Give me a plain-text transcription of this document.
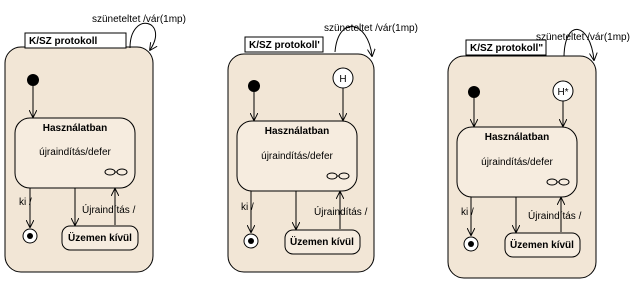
K/SZ protokoll
szüneteltet /vár(1mp)
Használatban
újraindítás/defer
ki /
Újraindítás /
Üzemen kívül
K/SZ protokoll'
szüneteltet /vár(1mp)
H
Használatban
újraindítás/defer
ki /	Újraindítás /
Üzemen kívül
K/SZ protokoll"
szüneteltet /vár(1mp)
H*
Használatban
újraindítás/defer
ki /	Újraindítás /
Üzemen kívül
